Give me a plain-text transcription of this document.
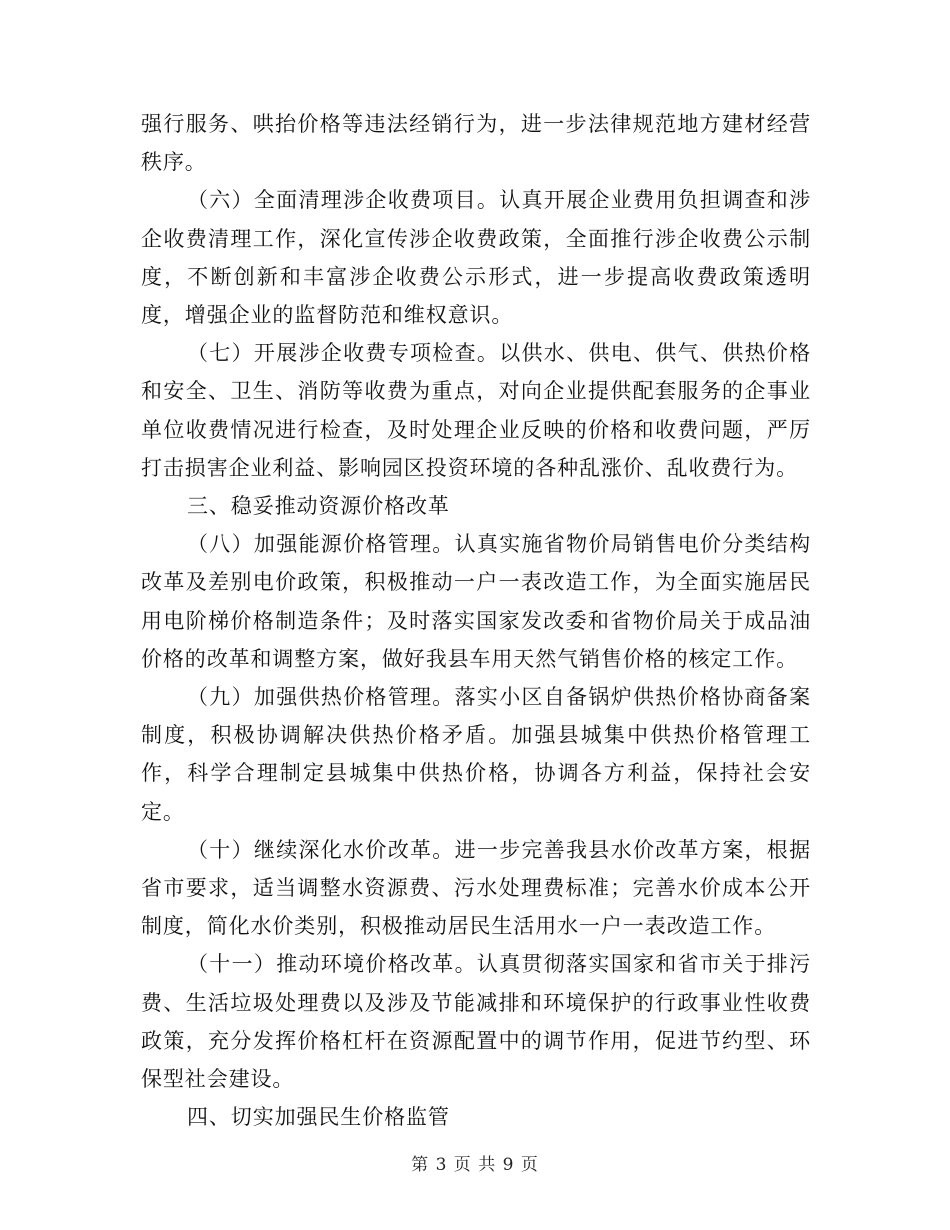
强行服务、哄抬价格等违法经销行为，进一步法律规范地方建材经营秩序。

（六）全面清理涉企收费项目。认真开展企业费用负担调查和涉企收费清理工作，深化宣传涉企收费政策，全面推行涉企收费公示制度，不断创新和丰富涉企收费公示形式，进一步提高收费政策透明度，增强企业的监督防范和维权意识。

（七）开展涉企收费专项检查。以供水、供电、供气、供热价格和安全、卫生、消防等收费为重点，对向企业提供配套服务的企事业单位收费情况进行检查，及时处理企业反映的价格和收费问题，严厉打击损害企业利益、影响园区投资环境的各种乱涨价、乱收费行为。

三、稳妥推动资源价格改革

（八）加强能源价格管理。认真实施省物价局销售电价分类结构改革及差别电价政策，积极推动一户一表改造工作，为全面实施居民用电阶梯价格制造条件；及时落实国家发改委和省物价局关于成品油价格的改革和调整方案，做好我县车用天然气销售价格的核定工作。

（九）加强供热价格管理。落实小区自备锅炉供热价格协商备案制度，积极协调解决供热价格矛盾。加强县城集中供热价格管理工作，科学合理制定县城集中供热价格，协调各方利益，保持社会安定。

（十）继续深化水价改革。进一步完善我县水价改革方案，根据省市要求，适当调整水资源费、污水处理费标准；完善水价成本公开制度，简化水价类别，积极推动居民生活用水一户一表改造工作。

（十一）推动环境价格改革。认真贯彻落实国家和省市关于排污费、生活垃圾处理费以及涉及节能减排和环境保护的行政事业性收费政策，充分发挥价格杠杆在资源配置中的调节作用，促进节约型、环保型社会建设。

四、切实加强民生价格监管

第 3 页 共 9 页
